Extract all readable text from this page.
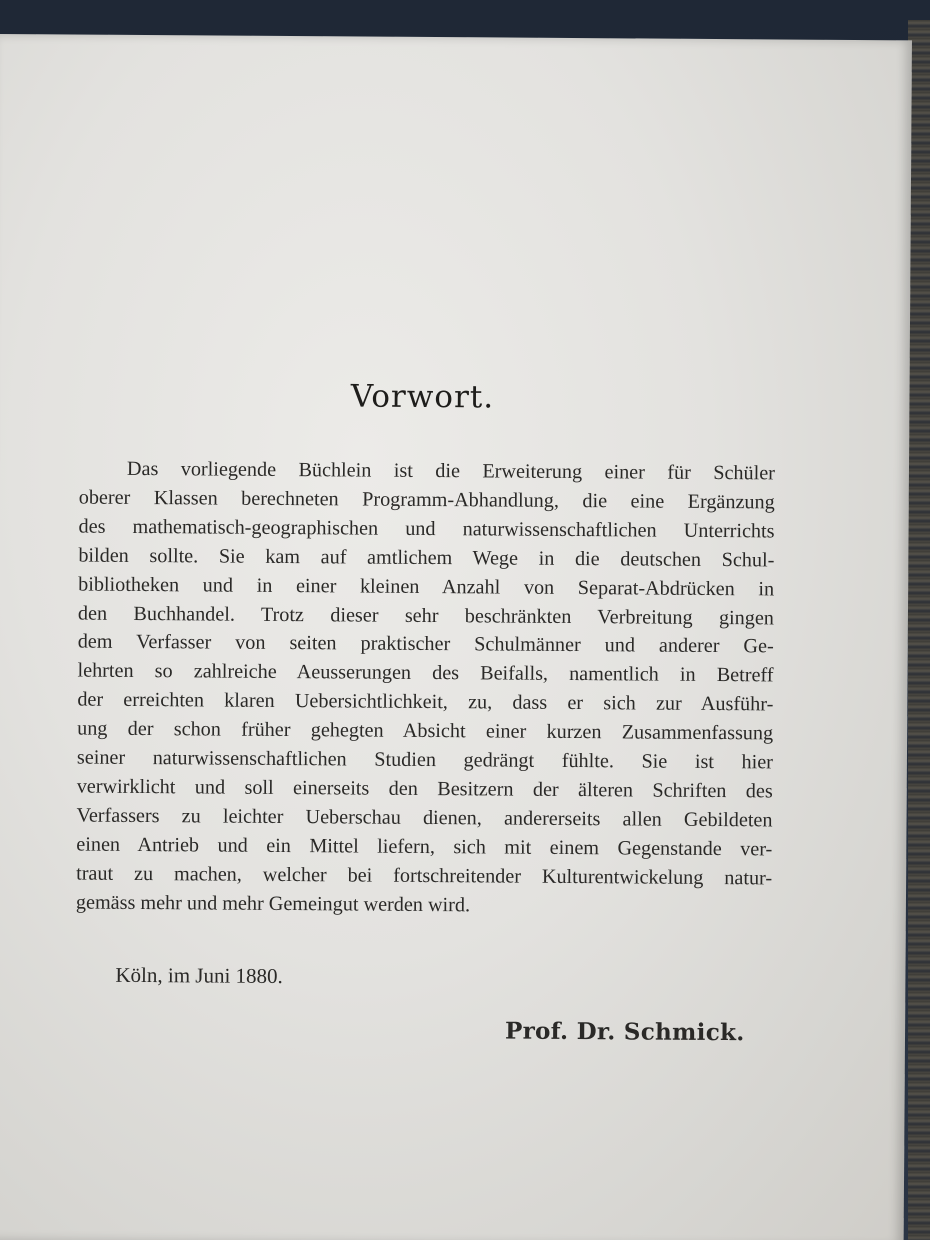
Vorwort.
Das vorliegende Büchlein ist die Erweiterung einer für Schüler
oberer Klassen berechneten Programm-Abhandlung, die eine Ergänzung
des mathematisch-geographischen und naturwissenschaftlichen Unterrichts
bilden sollte. Sie kam auf amtlichem Wege in die deutschen Schul-
bibliotheken und in einer kleinen Anzahl von Separat-Abdrücken in
den Buchhandel. Trotz dieser sehr beschränkten Verbreitung gingen
dem Verfasser von seiten praktischer Schulmänner und anderer Ge-
lehrten so zahlreiche Aeusserungen des Beifalls, namentlich in Betreff
der erreichten klaren Uebersichtlichkeit, zu, dass er sich zur Ausführ-
ung der schon früher gehegten Absicht einer kurzen Zusammenfassung
seiner naturwissenschaftlichen Studien gedrängt fühlte. Sie ist hier
verwirklicht und soll einerseits den Besitzern der älteren Schriften des
Verfassers zu leichter Ueberschau dienen, andererseits allen Gebildeten
einen Antrieb und ein Mittel liefern, sich mit einem Gegenstande ver-
traut zu machen, welcher bei fortschreitender Kulturentwickelung natur-
gemäss mehr und mehr Gemeingut werden wird.

Köln, im Juni 1880.

Prof. Dr. Schmick.
